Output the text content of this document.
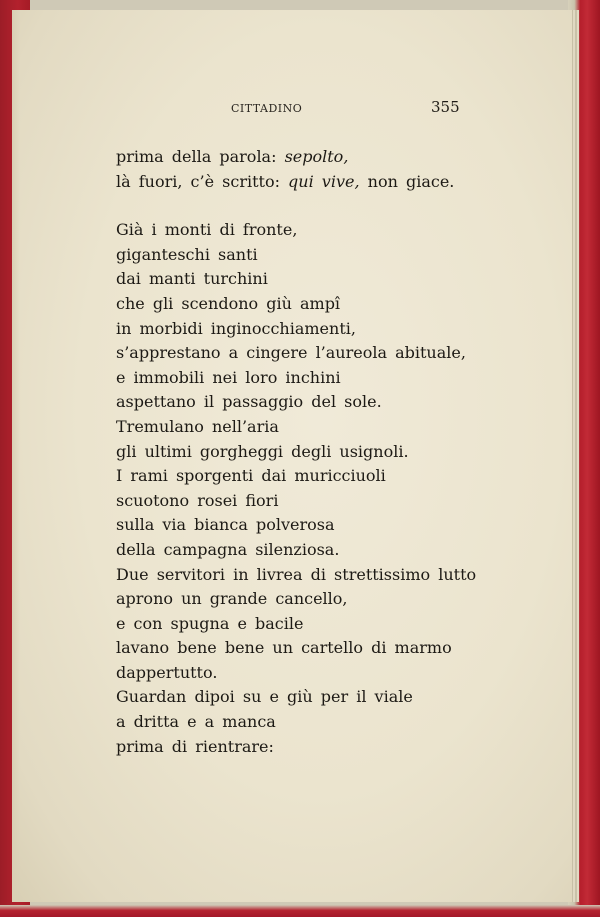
CITTADINO	355
prima della parola: sepolto,
là fuori, c’è scritto: qui vive, non giace.
Già i monti di fronte,
giganteschi santi
dai manti turchini
che gli scendono giù ampî
in morbidi inginocchiamenti,
s’apprestano a cingere l’aureola abituale,
e immobili nei loro inchini
aspettano il passaggio del sole.
Tremulano nell’aria
gli ultimi gorgheggi degli usignoli.
I rami sporgenti dai muricciuoli
scuotono rosei fiori
sulla via bianca polverosa
della campagna silenziosa.
Due servitori in livrea di strettissimo lutto
aprono un grande cancello,
e con spugna e bacile
lavano bene bene un cartello di marmo
dappertutto.
Guardan dipoi su e giù per il viale
a dritta e a manca
prima di rientrare:
